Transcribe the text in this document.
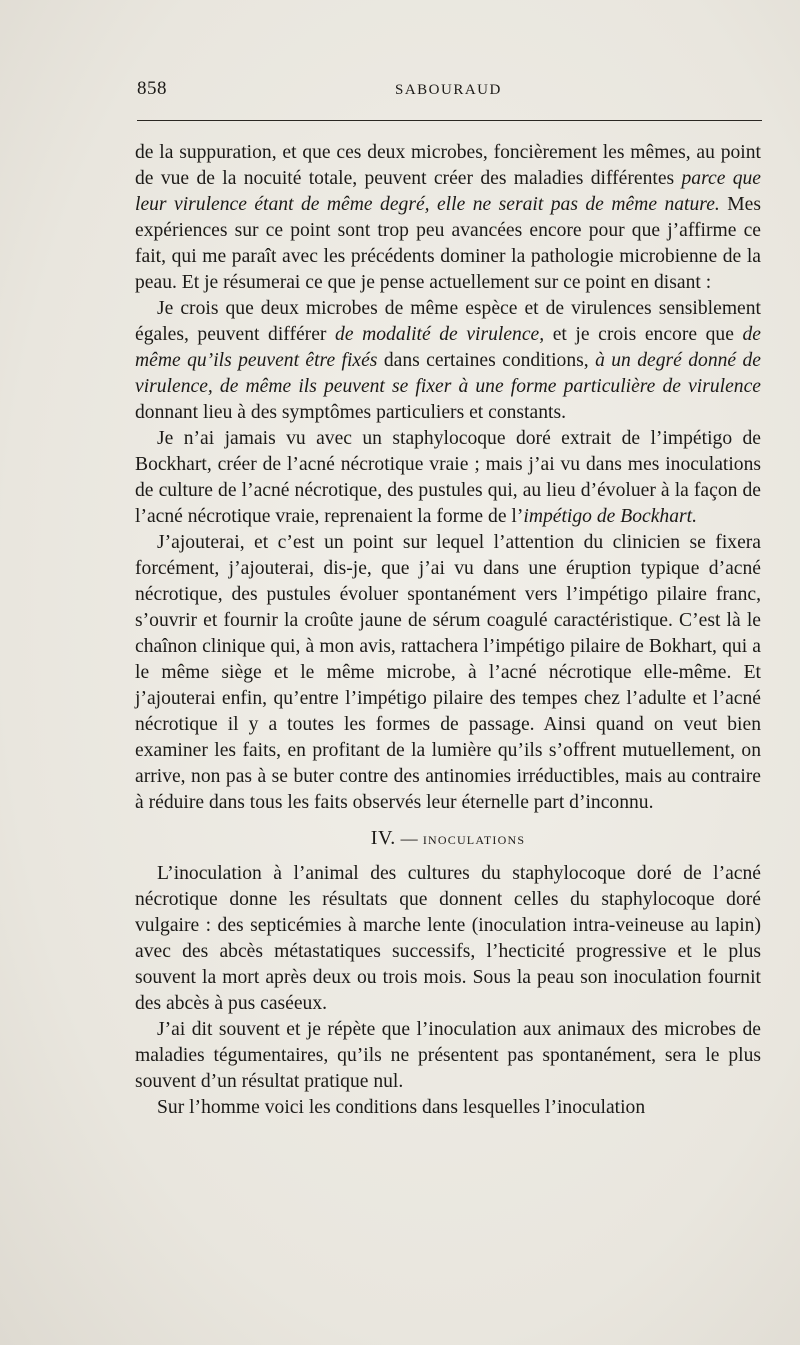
858	SABOURAUD

de la suppuration, et que ces deux microbes, foncièrement les mêmes, au point de vue de la nocuité totale, peuvent créer des maladies différentes parce que leur virulence étant de même degré, elle ne serait pas de même nature. Mes expériences sur ce point sont trop peu avancées encore pour que j’affirme ce fait, qui me paraît avec les précédents dominer la pathologie microbienne de la peau. Et je résumerai ce que je pense actuellement sur ce point en disant :

Je crois que deux microbes de même espèce et de virulences sensiblement égales, peuvent différer de modalité de virulence, et je crois encore que de même qu’ils peuvent être fixés dans certaines conditions, à un degré donné de virulence, de même ils peuvent se fixer à une forme particulière de virulence donnant lieu à des symptômes particuliers et constants.

Je n’ai jamais vu avec un staphylocoque doré extrait de l’impétigo de Bockhart, créer de l’acné nécrotique vraie ; mais j’ai vu dans mes inoculations de culture de l’acné nécrotique, des pustules qui, au lieu d’évoluer à la façon de l’acné nécrotique vraie, reprenaient la forme de l’impétigo de Bockhart.

J’ajouterai, et c’est un point sur lequel l’attention du clinicien se fixera forcément, j’ajouterai, dis-je, que j’ai vu dans une éruption typique d’acné nécrotique, des pustules évoluer spontanément vers l’impétigo pilaire franc, s’ouvrir et fournir la croûte jaune de sérum coagulé caractéristique. C’est là le chaînon clinique qui, à mon avis, rattachera l’impétigo pilaire de Bokhart, qui a le même siège et le même microbe, à l’acné nécrotique elle-même. Et j’ajouterai enfin, qu’entre l’impétigo pilaire des tempes chez l’adulte et l’acné nécrotique il y a toutes les formes de passage. Ainsi quand on veut bien examiner les faits, en profitant de la lumière qu’ils s’offrent mutuellement, on arrive, non pas à se buter contre des antinomies irréductibles, mais au contraire à réduire dans tous les faits observés leur éternelle part d’inconnu.

IV. — inoculations

L’inoculation à l’animal des cultures du staphylocoque doré de l’acné nécrotique donne les résultats que donnent celles du staphylocoque doré vulgaire : des septicémies à marche lente (inoculation intra-veineuse au lapin) avec des abcès métastatiques successifs, l’hecticité progressive et le plus souvent la mort après deux ou trois mois. Sous la peau son inoculation fournit des abcès à pus caséeux.

J’ai dit souvent et je répète que l’inoculation aux animaux des microbes de maladies tégumentaires, qu’ils ne présentent pas spontanément, sera le plus souvent d’un résultat pratique nul.

Sur l’homme voici les conditions dans lesquelles l’inoculation
